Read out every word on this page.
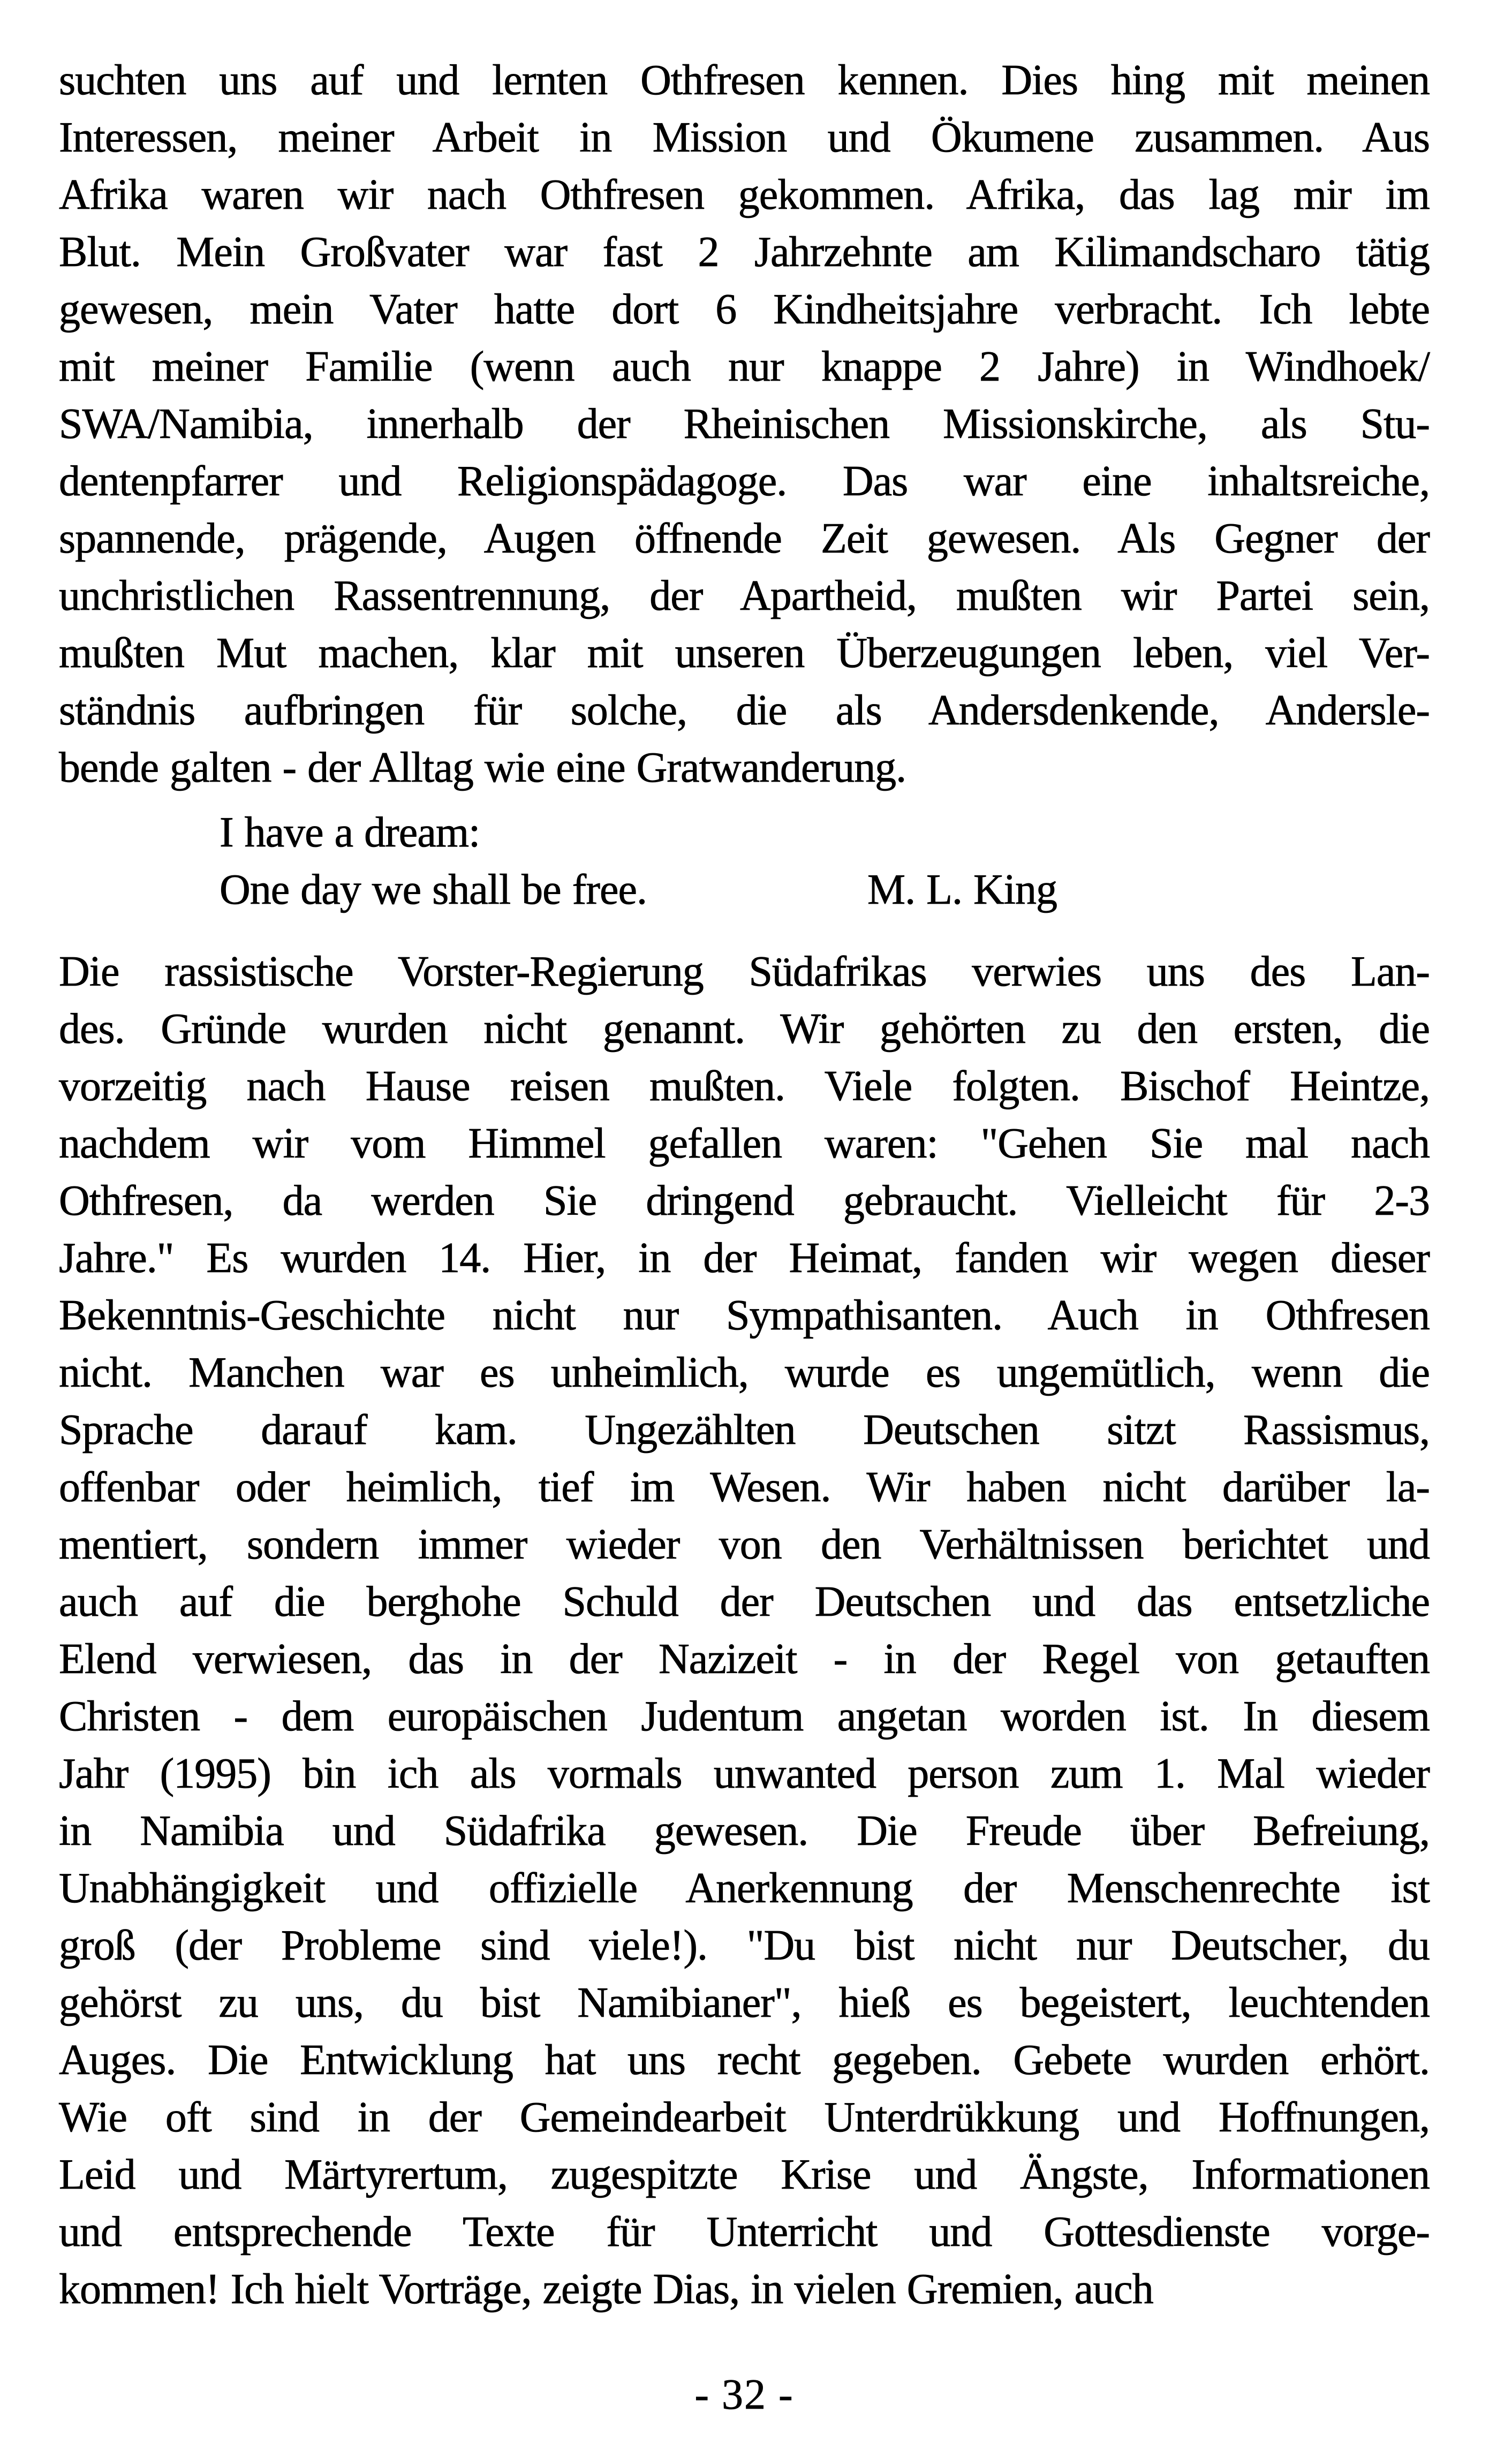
suchten uns auf und lernten Othfresen kennen. Dies hing mit meinen
Interessen, meiner Arbeit in Mission und Ökumene zusammen. Aus
Afrika waren wir nach Othfresen gekommen. Afrika, das lag mir im
Blut. Mein Großvater war fast 2 Jahrzehnte am Kilimandscharo tätig
gewesen, mein Vater hatte dort 6 Kindheitsjahre verbracht. Ich lebte
mit meiner Familie (wenn auch nur knappe 2 Jahre) in Windhoek/
SWA/Namibia, innerhalb der Rheinischen Missionskirche, als Stu-
dentenpfarrer und Religionspädagoge. Das war eine inhaltsreiche,
spannende, prägende, Augen öffnende Zeit gewesen. Als Gegner der
unchristlichen Rassentrennung, der Apartheid, mußten wir Partei sein,
mußten Mut machen, klar mit unseren Überzeugungen leben, viel Ver-
ständnis aufbringen für solche, die als Andersdenkende, Andersle-
bende galten - der Alltag wie eine Gratwanderung.
I have a dream:
One day we shall be free.	M. L. King
Die rassistische Vorster-Regierung Südafrikas verwies uns des Lan-
des. Gründe wurden nicht genannt. Wir gehörten zu den ersten, die
vorzeitig nach Hause reisen mußten. Viele folgten. Bischof Heintze,
nachdem wir vom Himmel gefallen waren: "Gehen Sie mal nach
Othfresen, da werden Sie dringend gebraucht. Vielleicht für 2-3
Jahre." Es wurden 14. Hier, in der Heimat, fanden wir wegen dieser
Bekenntnis-Geschichte nicht nur Sympathisanten. Auch in Othfresen
nicht. Manchen war es unheimlich, wurde es ungemütlich, wenn die
Sprache darauf kam. Ungezählten Deutschen sitzt Rassismus,
offenbar oder heimlich, tief im Wesen. Wir haben nicht darüber la-
mentiert, sondern immer wieder von den Verhältnissen berichtet und
auch auf die berghohe Schuld der Deutschen und das entsetzliche
Elend verwiesen, das in der Nazizeit - in der Regel von getauften
Christen - dem europäischen Judentum angetan worden ist. In diesem
Jahr (1995) bin ich als vormals unwanted person zum 1. Mal wieder
in Namibia und Südafrika gewesen. Die Freude über Befreiung,
Unabhängigkeit und offizielle Anerkennung der Menschenrechte ist
groß (der Probleme sind viele!). "Du bist nicht nur Deutscher, du
gehörst zu uns, du bist Namibianer", hieß es begeistert, leuchtenden
Auges. Die Entwicklung hat uns recht gegeben. Gebete wurden erhört.
Wie oft sind in der Gemeindearbeit Unterdrükkung und Hoffnungen,
Leid und Märtyrertum, zugespitzte Krise und Ängste, Informationen
und entsprechende Texte für Unterricht und Gottesdienste vorge-
kommen! Ich hielt Vorträge, zeigte Dias, in vielen Gremien, auch
- 32 -
